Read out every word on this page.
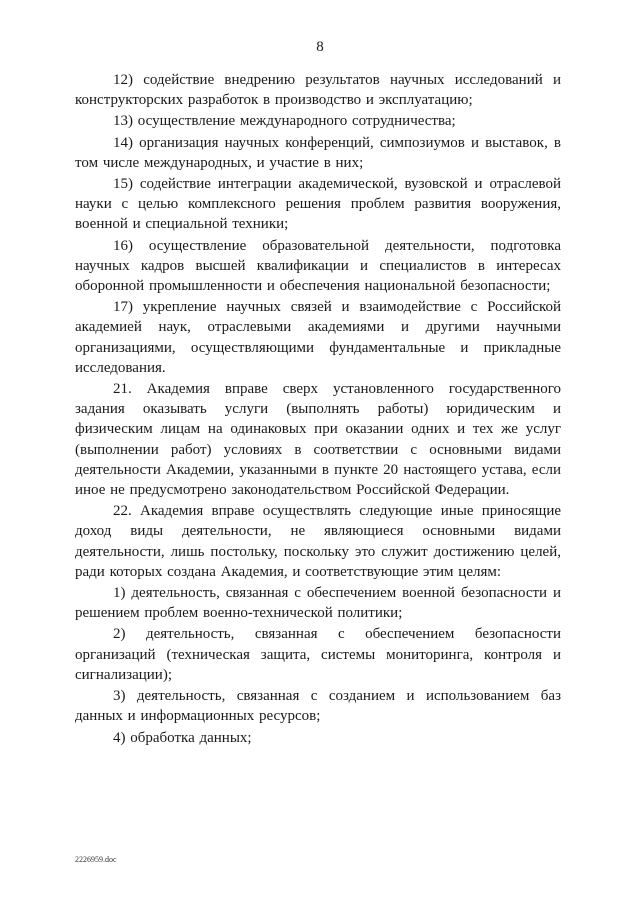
8

12) содействие внедрению результатов научных исследований и конструкторских разработок в производство и эксплуатацию;

13) осуществление международного сотрудничества;

14) организация научных конференций, симпозиумов и выставок, в том числе международных, и участие в них;

15) содействие интеграции академической, вузовской и отраслевой науки с целью комплексного решения проблем развития вооружения, военной и специальной техники;

16) осуществление образовательной деятельности, подготовка научных кадров высшей квалификации и специалистов в интересах оборонной промышленности и обеспечения национальной безопасности;

17) укрепление научных связей и взаимодействие с Российской академией наук, отраслевыми академиями и другими научными организациями, осуществляющими фундаментальные и прикладные исследования.

21. Академия вправе сверх установленного государственного задания оказывать услуги (выполнять работы) юридическим и физическим лицам на одинаковых при оказании одних и тех же услуг (выполнении работ) условиях в соответствии с основными видами деятельности Академии, указанными в пункте 20 настоящего устава, если иное не предусмотрено законодательством Российской Федерации.

22. Академия вправе осуществлять следующие иные приносящие доход виды деятельности, не являющиеся основными видами деятельности, лишь постольку, поскольку это служит достижению целей, ради которых создана Академия, и соответствующие этим целям:

1) деятельность, связанная с обеспечением военной безопасности и решением проблем военно-технической политики;

2) деятельность, связанная с обеспечением безопасности организаций (техническая защита, системы мониторинга, контроля и сигнализации);

3) деятельность, связанная с созданием и использованием баз данных и информационных ресурсов;

4) обработка данных;

2226959.doc
